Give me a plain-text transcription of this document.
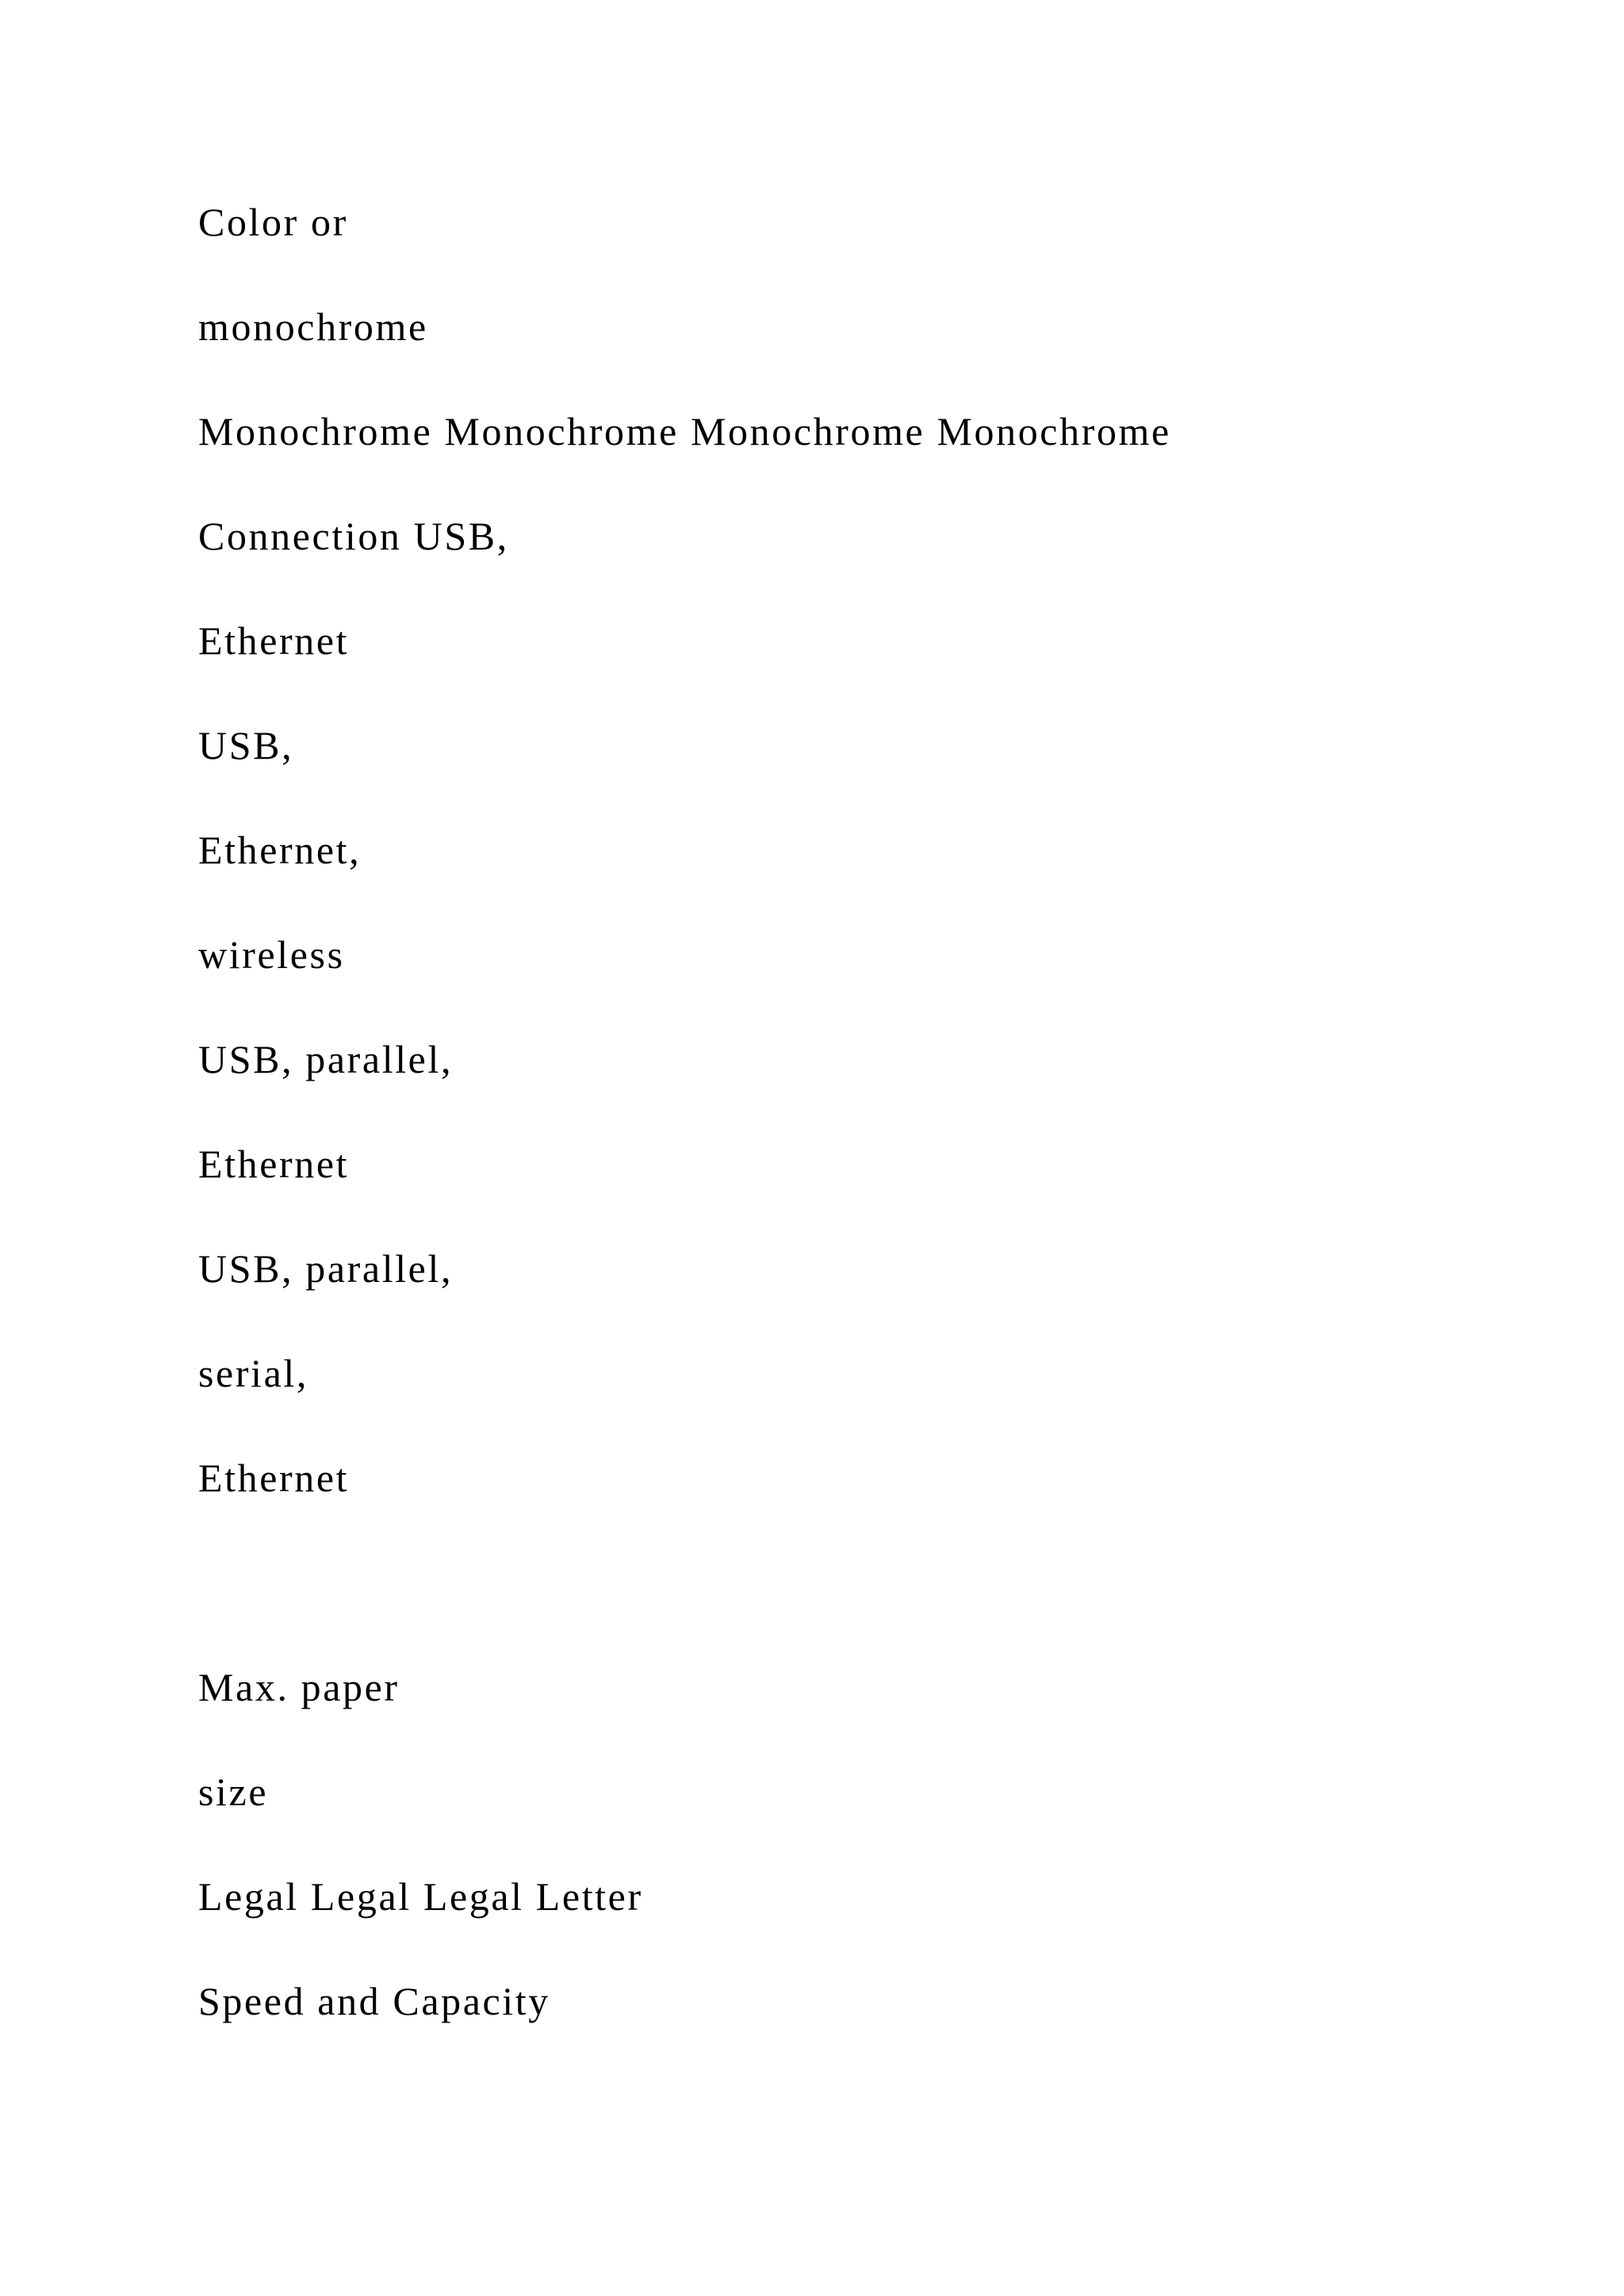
Color or

monochrome

Monochrome Monochrome Monochrome Monochrome

Connection USB,

Ethernet

USB,

Ethernet,

wireless

USB, parallel,

Ethernet

USB, parallel,

serial,

Ethernet

Max. paper

size

Legal Legal Legal Letter

Speed and Capacity
